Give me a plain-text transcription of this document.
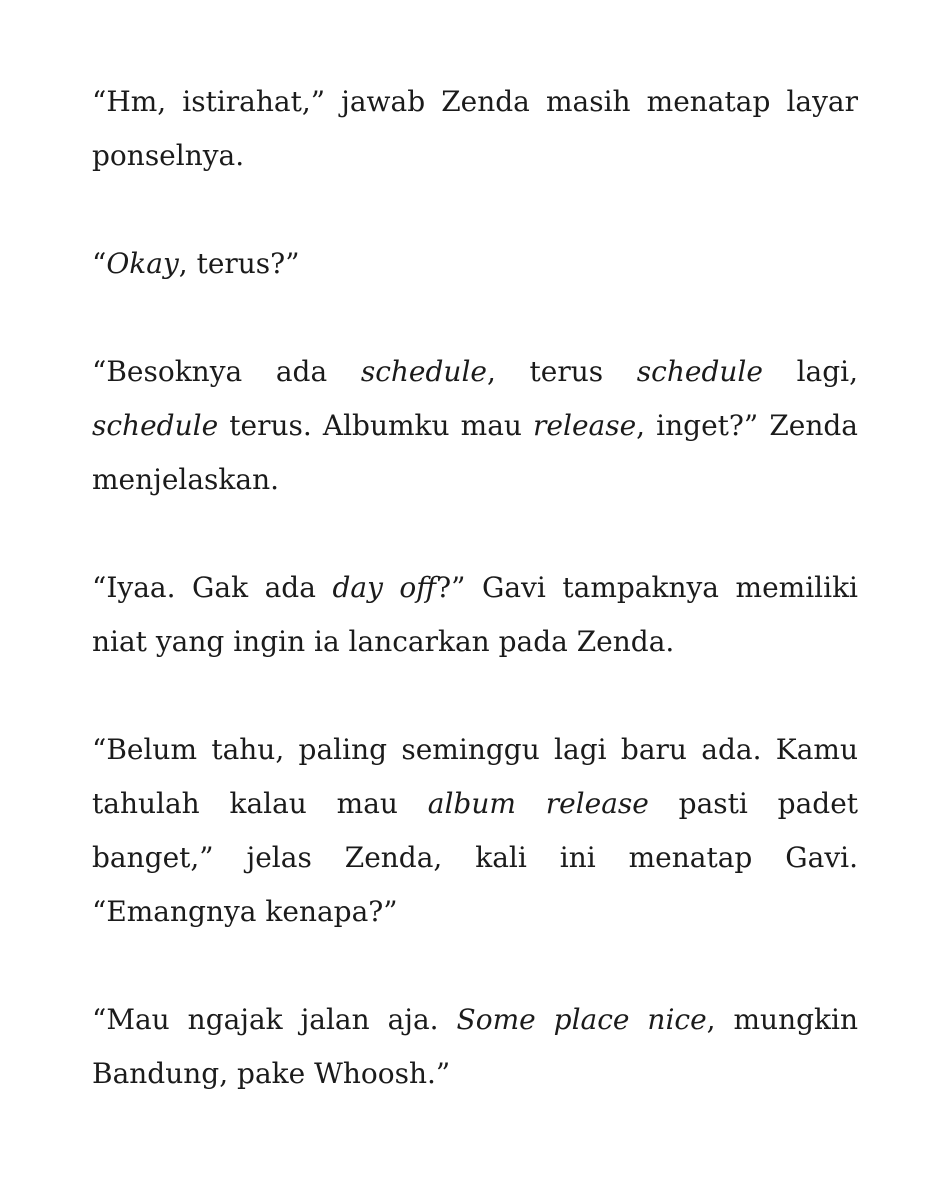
“Hm, istirahat,” jawab Zenda masih menatap layar ponselnya.

“Okay, terus?”

“Besoknya ada schedule, terus schedule lagi, schedule terus. Albumku mau release, inget?” Zenda menjelaskan.

“Iyaa. Gak ada day off?” Gavi tampaknya memiliki niat yang ingin ia lancarkan pada Zenda.

“Belum tahu, paling seminggu lagi baru ada. Kamu tahulah kalau mau album release pasti padet banget,” jelas Zenda, kali ini menatap Gavi. “Emangnya kenapa?”

“Mau ngajak jalan aja. Some place nice, mungkin Bandung, pake Whoosh.”
